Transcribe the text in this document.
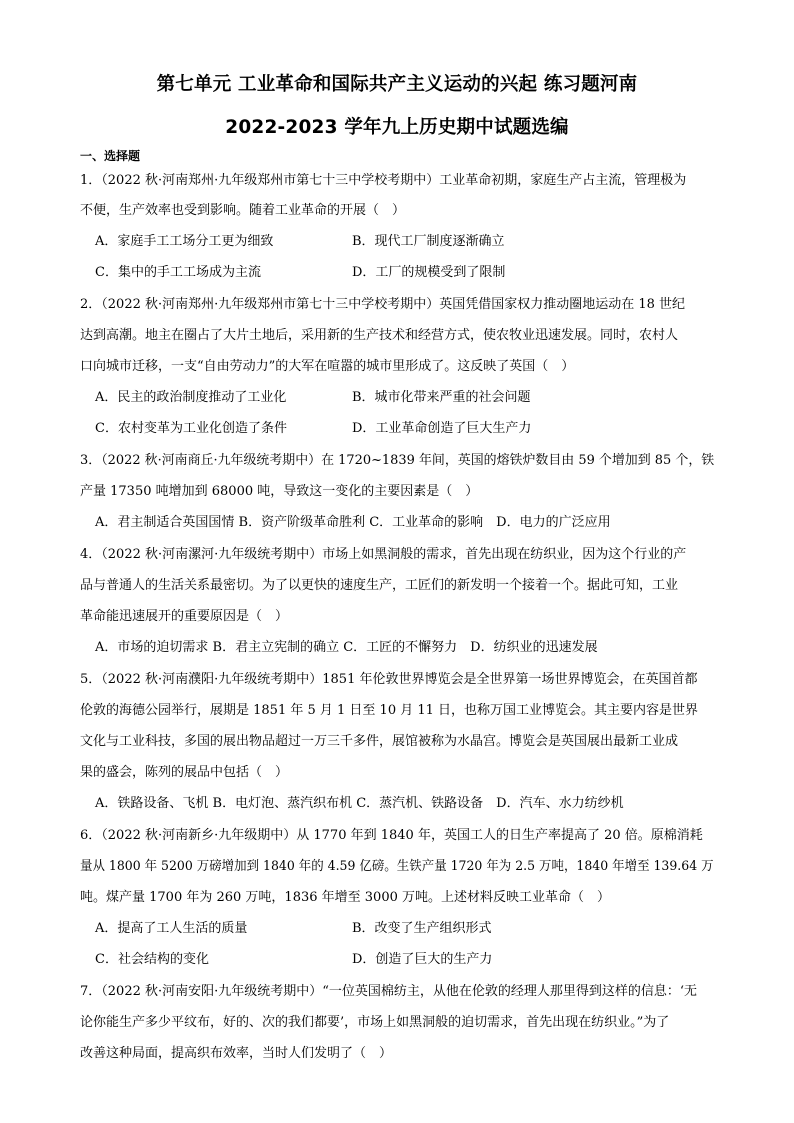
第七单元 工业革命和国际共产主义运动的兴起 练习题河南
2022-2023 学年九上历史期中试题选编
一、选择题
1．（2022 秋·河南郑州·九年级郑州市第七十三中学校考期中）工业革命初期，家庭生产占主流，管理极为
不便，生产效率也受到影响。随着工业革命的开展（　）
A．家庭手工工场分工更为细致	B．现代工厂制度逐渐确立
C．集中的手工工场成为主流	D．工厂的规模受到了限制
2．（2022 秋·河南郑州·九年级郑州市第七十三中学校考期中）英国凭借国家权力推动圈地运动在 18 世纪
达到高潮。地主在圈占了大片土地后，采用新的生产技术和经营方式，使农牧业迅速发展。同时，农村人
口向城市迁移，一支“自由劳动力”的大军在喧嚣的城市里形成了。这反映了英国（　）
A．民主的政治制度推动了工业化	B．城市化带来严重的社会问题
C．农村变革为工业化创造了条件	D．工业革命创造了巨大生产力
3．（2022 秋·河南商丘·九年级统考期中）在 1720~1839 年间，英国的熔铁炉数目由 59 个增加到 85 个，铁
产量 17350 吨增加到 68000 吨，导致这一变化的主要因素是（　）
A．君主制适合英国国情 B．资产阶级革命胜利 C．工业革命的影响　D．电力的广泛应用
4．（2022 秋·河南漯河·九年级统考期中）市场上如黑洞般的需求，首先出现在纺织业，因为这个行业的产
品与普通人的生活关系最密切。为了以更快的速度生产，工匠们的新发明一个接着一个。据此可知，工业
革命能迅速展开的重要原因是（　）
A．市场的迫切需求 B．君主立宪制的确立 C．工匠的不懈努力　D．纺织业的迅速发展
5．（2022 秋·河南濮阳·九年级统考期中）1851 年伦敦世界博览会是全世界第一场世界博览会，在英国首都
伦敦的海德公园举行，展期是 1851 年 5 月 1 日至 10 月 11 日，也称万国工业博览会。其主要内容是世界
文化与工业科技，多国的展出物品超过一万三千多件，展馆被称为水晶宫。博览会是英国展出最新工业成
果的盛会，陈列的展品中包括（　）
A．铁路设备、飞机 B．电灯泡、蒸汽织布机 C．蒸汽机、铁路设备　D．汽车、水力纺纱机
6．（2022 秋·河南新乡·九年级期中）从 1770 年到 1840 年，英国工人的日生产率提高了 20 倍。原棉消耗
量从 1800 年 5200 万磅增加到 1840 年的 4.59 亿磅。生铁产量 1720 年为 2.5 万吨，1840 年增至 139.64 万
吨。煤产量 1700 年为 260 万吨，1836 年增至 3000 万吨。上述材料反映工业革命（　）
A．提高了工人生活的质量	B．改变了生产组织形式
C．社会结构的变化	D．创造了巨大的生产力
7．（2022 秋·河南安阳·九年级统考期中）“一位英国棉纺主，从他在伦敦的经理人那里得到这样的信息：‘无
论你能生产多少平纹布，好的、次的我们都要’，市场上如黑洞般的迫切需求，首先出现在纺织业。”为了
改善这种局面，提高织布效率，当时人们发明了（　）
